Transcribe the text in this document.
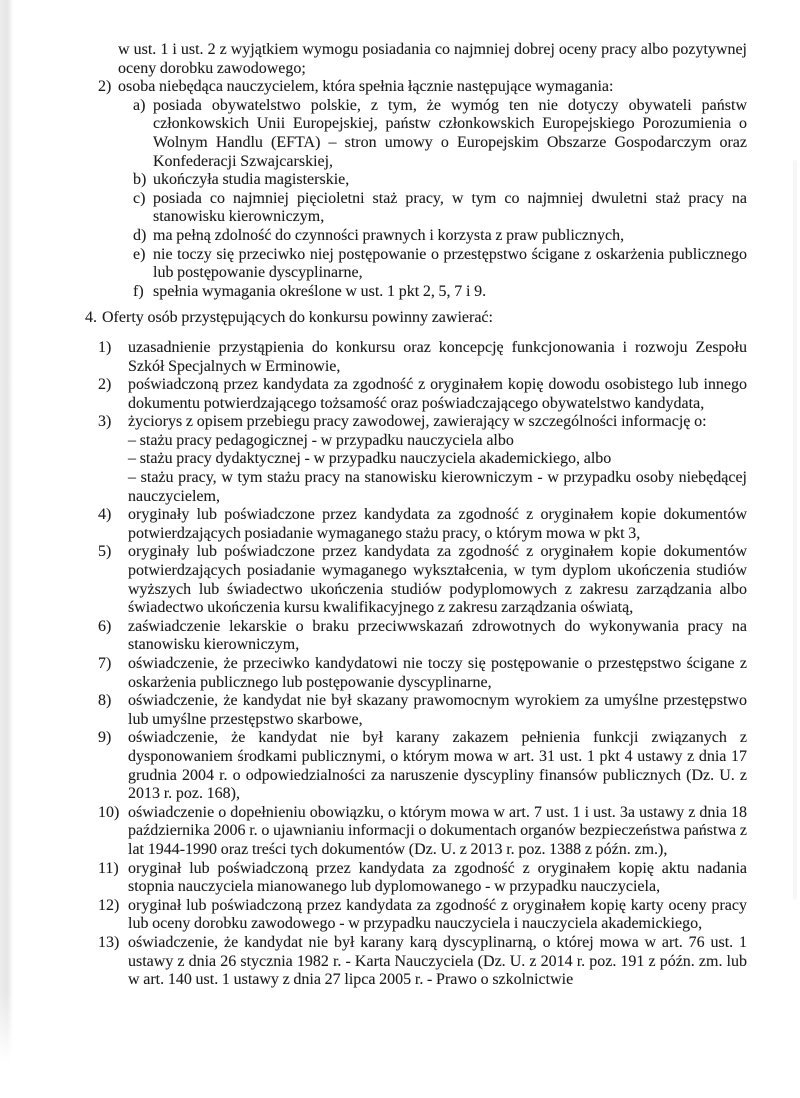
w ust. 1 i ust. 2 z wyjątkiem wymogu posiadania co najmniej dobrej oceny pracy albo pozytywnej oceny dorobku zawodowego;

2) osoba niebędąca nauczycielem, która spełnia łącznie następujące wymagania:
a) posiada obywatelstwo polskie, z tym, że wymóg ten nie dotyczy obywateli państw członkowskich Unii Europejskiej, państw członkowskich Europejskiego Porozumienia o Wolnym Handlu (EFTA) – stron umowy o Europejskim Obszarze Gospodarczym oraz Konfederacji Szwajcarskiej,
b) ukończyła studia magisterskie,
c) posiada co najmniej pięcioletni staż pracy, w tym co najmniej dwuletni staż pracy na stanowisku kierowniczym,
d) ma pełną zdolność do czynności prawnych i korzysta z praw publicznych,
e) nie toczy się przeciwko niej postępowanie o przestępstwo ścigane z oskarżenia publicznego lub postępowanie dyscyplinarne,
f) spełnia wymagania określone w ust. 1 pkt 2, 5, 7 i 9.
4. Oferty osób przystępujących do konkursu powinny zawierać:
1) uzasadnienie przystąpienia do konkursu oraz koncepcję funkcjonowania i rozwoju Zespołu Szkół Specjalnych w Erminowie,
2) poświadczoną przez kandydata za zgodność z oryginałem kopię dowodu osobistego lub innego dokumentu potwierdzającego tożsamość oraz poświadczającego obywatelstwo kandydata,
3) życiorys z opisem przebiegu pracy zawodowej, zawierający w szczególności informację o:
– stażu pracy pedagogicznej - w przypadku nauczyciela albo
– stażu pracy dydaktycznej - w przypadku nauczyciela akademickiego, albo
– stażu pracy, w tym stażu pracy na stanowisku kierowniczym - w przypadku osoby niebędącej nauczycielem,
4) oryginały lub poświadczone przez kandydata za zgodność z oryginałem kopie dokumentów potwierdzających posiadanie wymaganego stażu pracy, o którym mowa w pkt 3,
5) oryginały lub poświadczone przez kandydata za zgodność z oryginałem kopie dokumentów potwierdzających posiadanie wymaganego wykształcenia, w tym dyplom ukończenia studiów wyższych lub świadectwo ukończenia studiów podyplomowych z zakresu zarządzania albo świadectwo ukończenia kursu kwalifikacyjnego z zakresu zarządzania oświatą,
6) zaświadczenie lekarskie o braku przeciwwskazań zdrowotnych do wykonywania pracy na stanowisku kierowniczym,
7) oświadczenie, że przeciwko kandydatowi nie toczy się postępowanie o przestępstwo ścigane z oskarżenia publicznego lub postępowanie dyscyplinarne,
8) oświadczenie, że kandydat nie był skazany prawomocnym wyrokiem za umyślne przestępstwo lub umyślne przestępstwo skarbowe,
9) oświadczenie, że kandydat nie był karany zakazem pełnienia funkcji związanych z dysponowaniem środkami publicznymi, o którym mowa w art. 31 ust. 1 pkt 4 ustawy z dnia 17 grudnia 2004 r. o odpowiedzialności za naruszenie dyscypliny finansów publicznych (Dz. U. z 2013 r. poz. 168),
10) oświadczenie o dopełnieniu obowiązku, o którym mowa w art. 7 ust. 1 i ust. 3a ustawy z dnia 18 października 2006 r. o ujawnianiu informacji o dokumentach organów bezpieczeństwa państwa z lat 1944-1990 oraz treści tych dokumentów (Dz. U. z 2013 r. poz. 1388 z późn. zm.),
11) oryginał lub poświadczoną przez kandydata za zgodność z oryginałem kopię aktu nadania stopnia nauczyciela mianowanego lub dyplomowanego - w przypadku nauczyciela,
12) oryginał lub poświadczoną przez kandydata za zgodność z oryginałem kopię karty oceny pracy lub oceny dorobku zawodowego - w przypadku nauczyciela i nauczyciela akademickiego,
13) oświadczenie, że kandydat nie był karany karą dyscyplinarną, o której mowa w art. 76 ust. 1 ustawy z dnia 26 stycznia 1982 r. - Karta Nauczyciela (Dz. U. z 2014 r. poz. 191 z późn. zm. lub w art. 140 ust. 1 ustawy z dnia 27 lipca 2005 r. - Prawo o szkolnictwie
